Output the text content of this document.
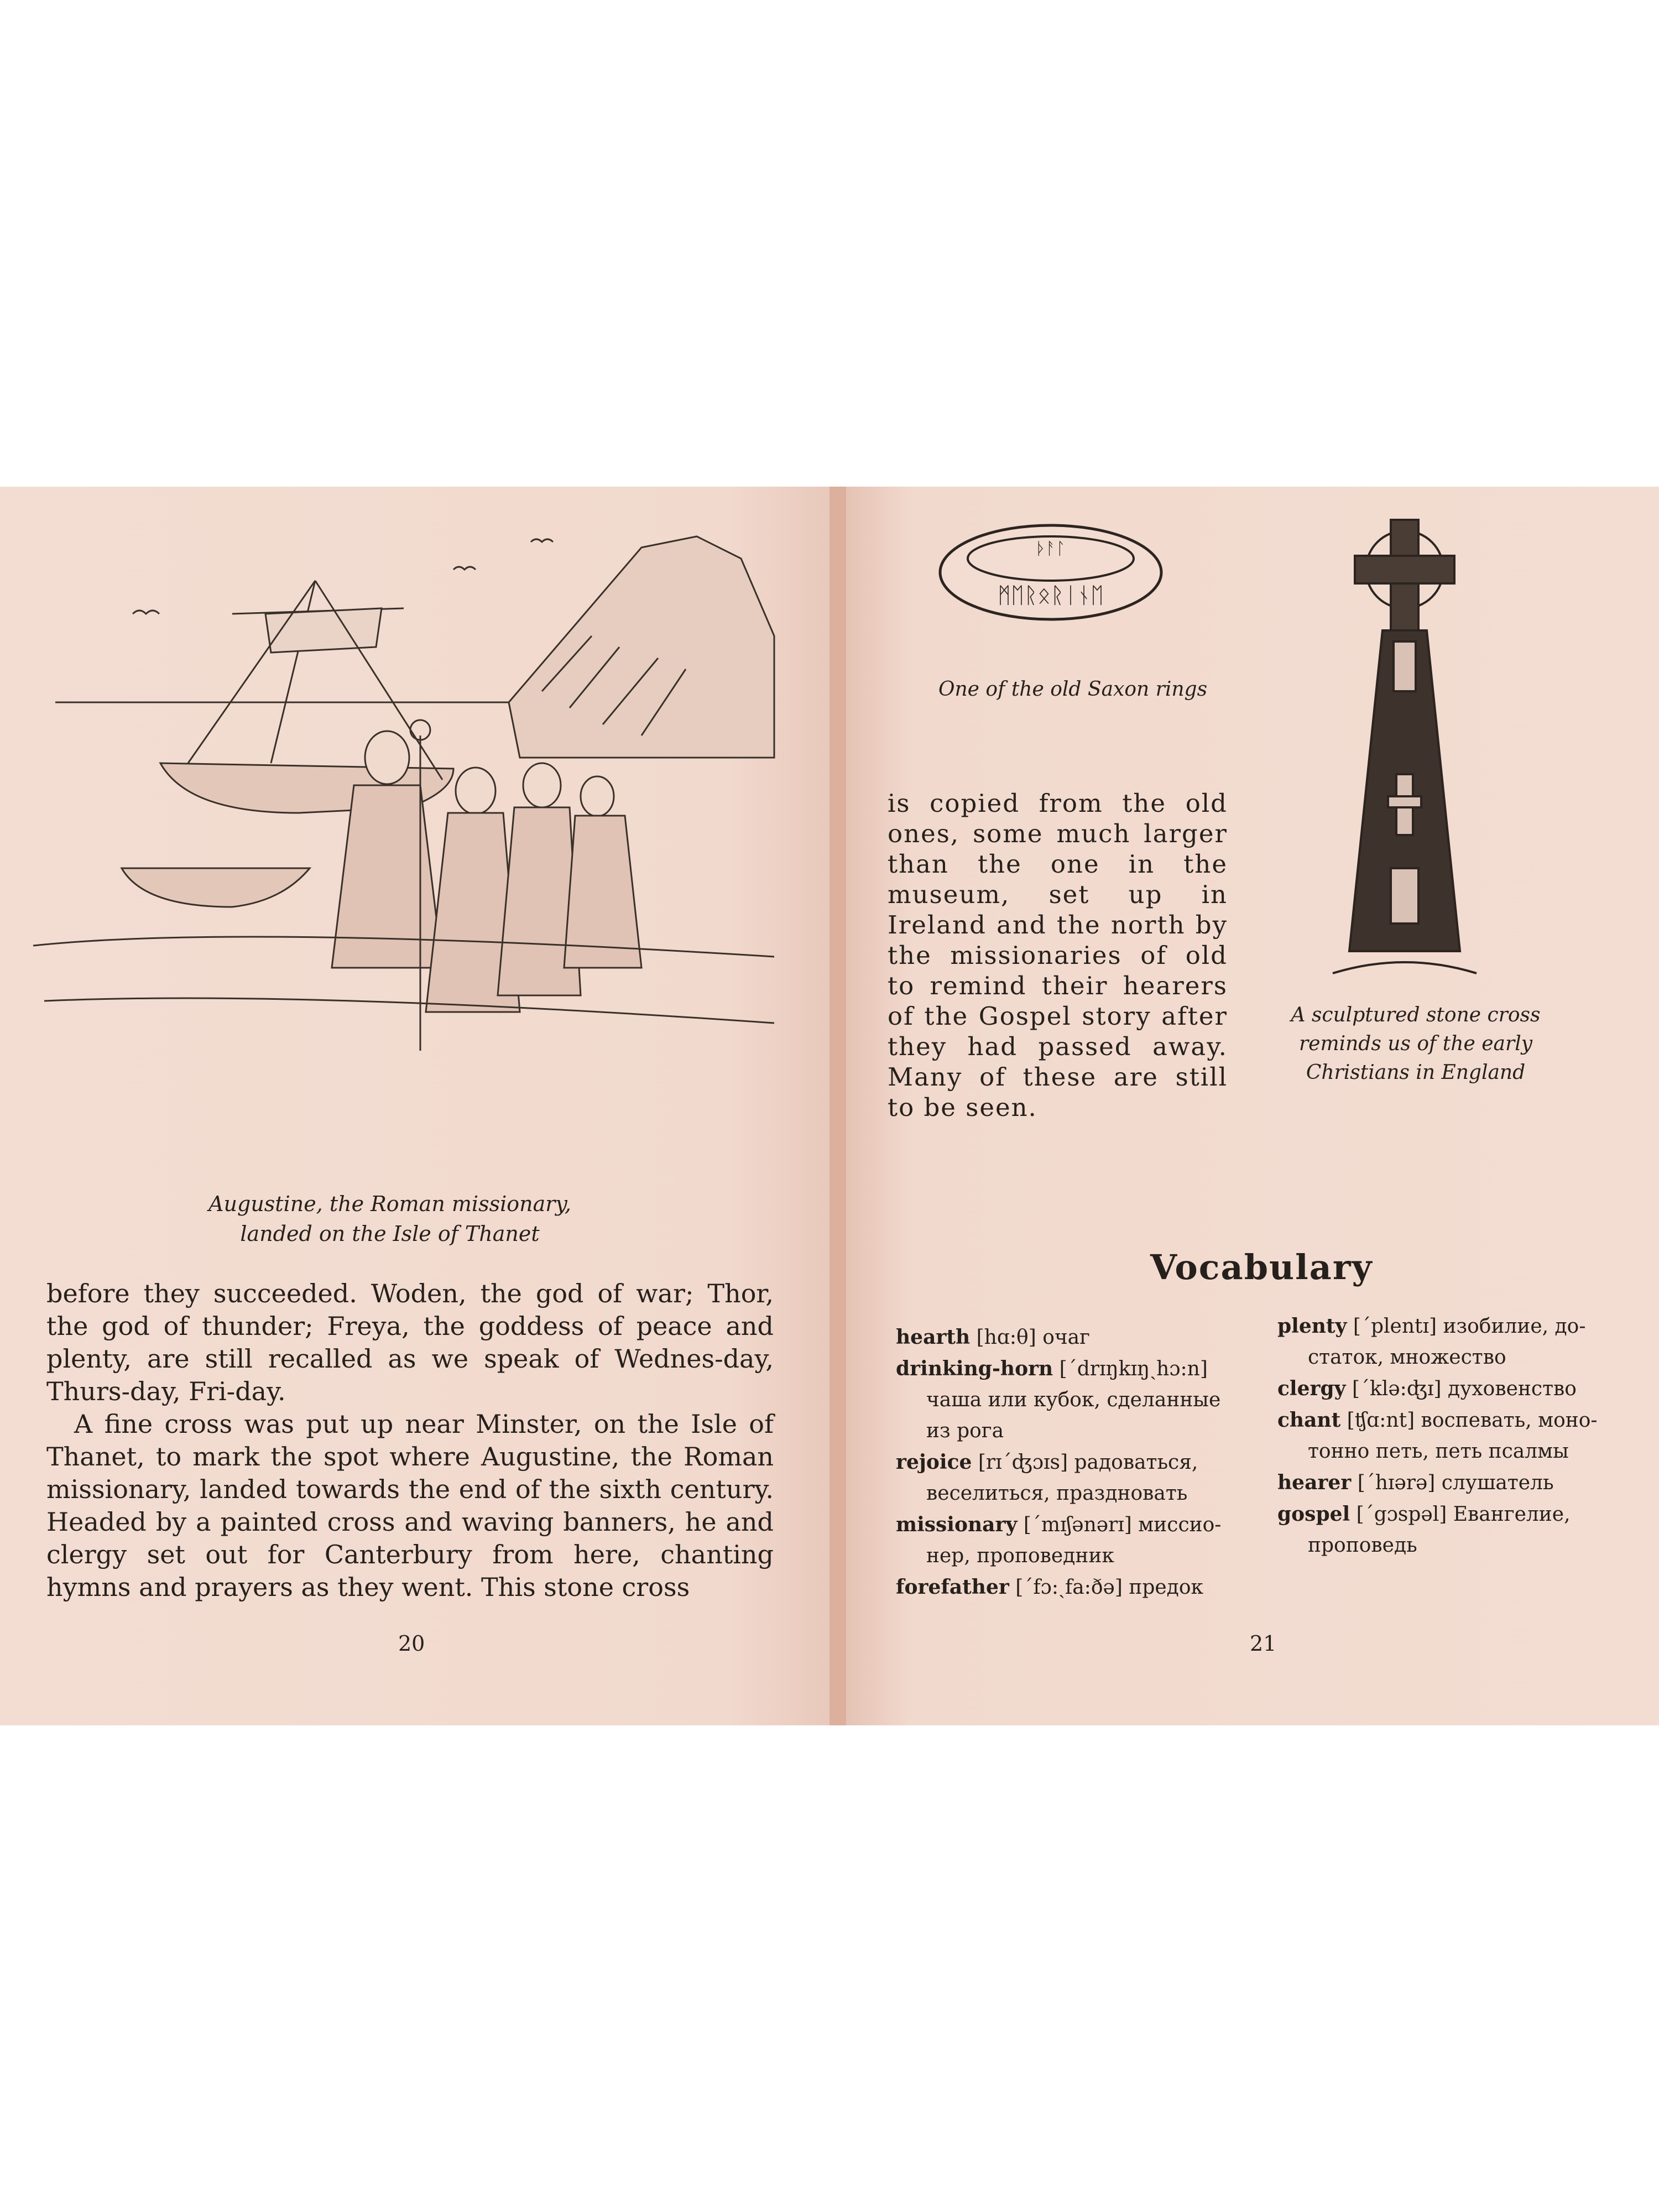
Augustine, the Roman missionary,
landed on the Isle of Thanet

before they succeeded. Woden, the god of war; Thor, the god of thunder; Freya, the goddess of peace and plenty, are still recalled as we speak of Wednes-day, Thurs-day, Fri-day.

A fine cross was put up near Minster, on the Isle of Thanet, to mark the spot where Augustine, the Roman missionary, landed towards the end of the sixth century. Headed by a painted cross and waving banners, he and clergy set out for Canterbury from here, chanting hymns and prayers as they went. This stone cross

20
ᚦᚨᛚ
ᛗᛖᚱᛟᚱᛁᚾᛖ
One of the old Saxon rings
is copied from the old ones, some much larger than the one in the museum, set up in Ireland and the north by the missionaries of old to remind their hearers of the Gospel story after they had passed away. Many of these are still to be seen.
A sculptured stone cross
reminds us of the early
Christians in England
Vocabulary
hearth [hɑ:θ] очаг
drinking-horn [ˊdrɪŋkɪŋˏhɔ:n]
чаша или кубок, сделанные из рога
rejoice [rɪˊʤɔɪs] радоваться,
веселиться, праздновать
missionary [ˊmɪʃənərɪ] миссио-
нер, проповедник
forefather [ˊfɔ:ˏfa:ðə] предок
plenty [ˊplentɪ] изобилие, до-
статок, множество
clergy [ˊklə:ʤɪ] духовенство
chant [ʧɑ:nt] воспевать, моно-
тонно петь, петь псалмы
hearer [ˊhɪərə] слушатель
gospel [ˊgɔspəl] Евангелие,
проповедь
21
